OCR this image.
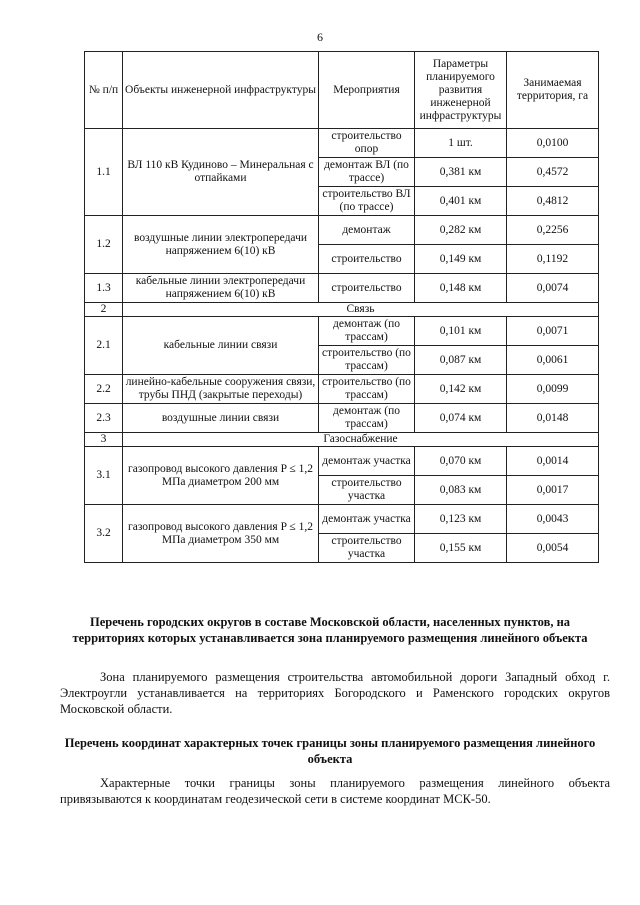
6
№ п/п	Объекты инженерной инфраструктуры	Мероприятия	Параметры планируемого развития инженерной инфраструктуры	Занимаемая территория, га
1.1	ВЛ 110 кВ Кудиново – Минеральная с отпайками	строительство опор	1 шт.	0,0100
		демонтаж ВЛ (по трассе)	0,381 км	0,4572
		строительство ВЛ (по трассе)	0,401 км	0,4812
1.2	воздушные линии электропередачи напряжением 6(10) кВ	демонтаж	0,282 км	0,2256
		строительство	0,149 км	0,1192
1.3	кабельные линии электропередачи напряжением 6(10) кВ	строительство	0,148 км	0,0074
2	Связь			
2.1	кабельные линии связи	демонтаж (по трассам)	0,101 км	0,0071
		строительство (по трассам)	0,087 км	0,0061
2.2	линейно-кабельные сооружения связи, трубы ПНД (закрытые переходы)	строительство (по трассам)	0,142 км	0,0099
2.3	воздушные линии связи	демонтаж (по трассам)	0,074 км	0,0148
3	Газоснабжение			
3.1	газопровод высокого давления P ≤ 1,2 МПа диаметром 200 мм	демонтаж участка	0,070 км	0,0014
		строительство участка	0,083 км	0,0017
3.2	газопровод высокого давления P ≤ 1,2 МПа диаметром 350 мм	демонтаж участка	0,123 км	0,0043
		строительство участка	0,155 км	0,0054
Перечень городских округов в составе Московской области, населенных пунктов, на территориях которых устанавливается зона планируемого размещения линейного объекта
Зона планируемого размещения строительства автомобильной дороги Западный обход г. Электроугли устанавливается на территориях Богородского и Раменского городских округов Московской области.
Перечень координат характерных точек границы зоны планируемого размещения линейного объекта
Характерные точки границы зоны планируемого размещения линейного объекта привязываются к координатам геодезической сети в системе координат МСК-50.
